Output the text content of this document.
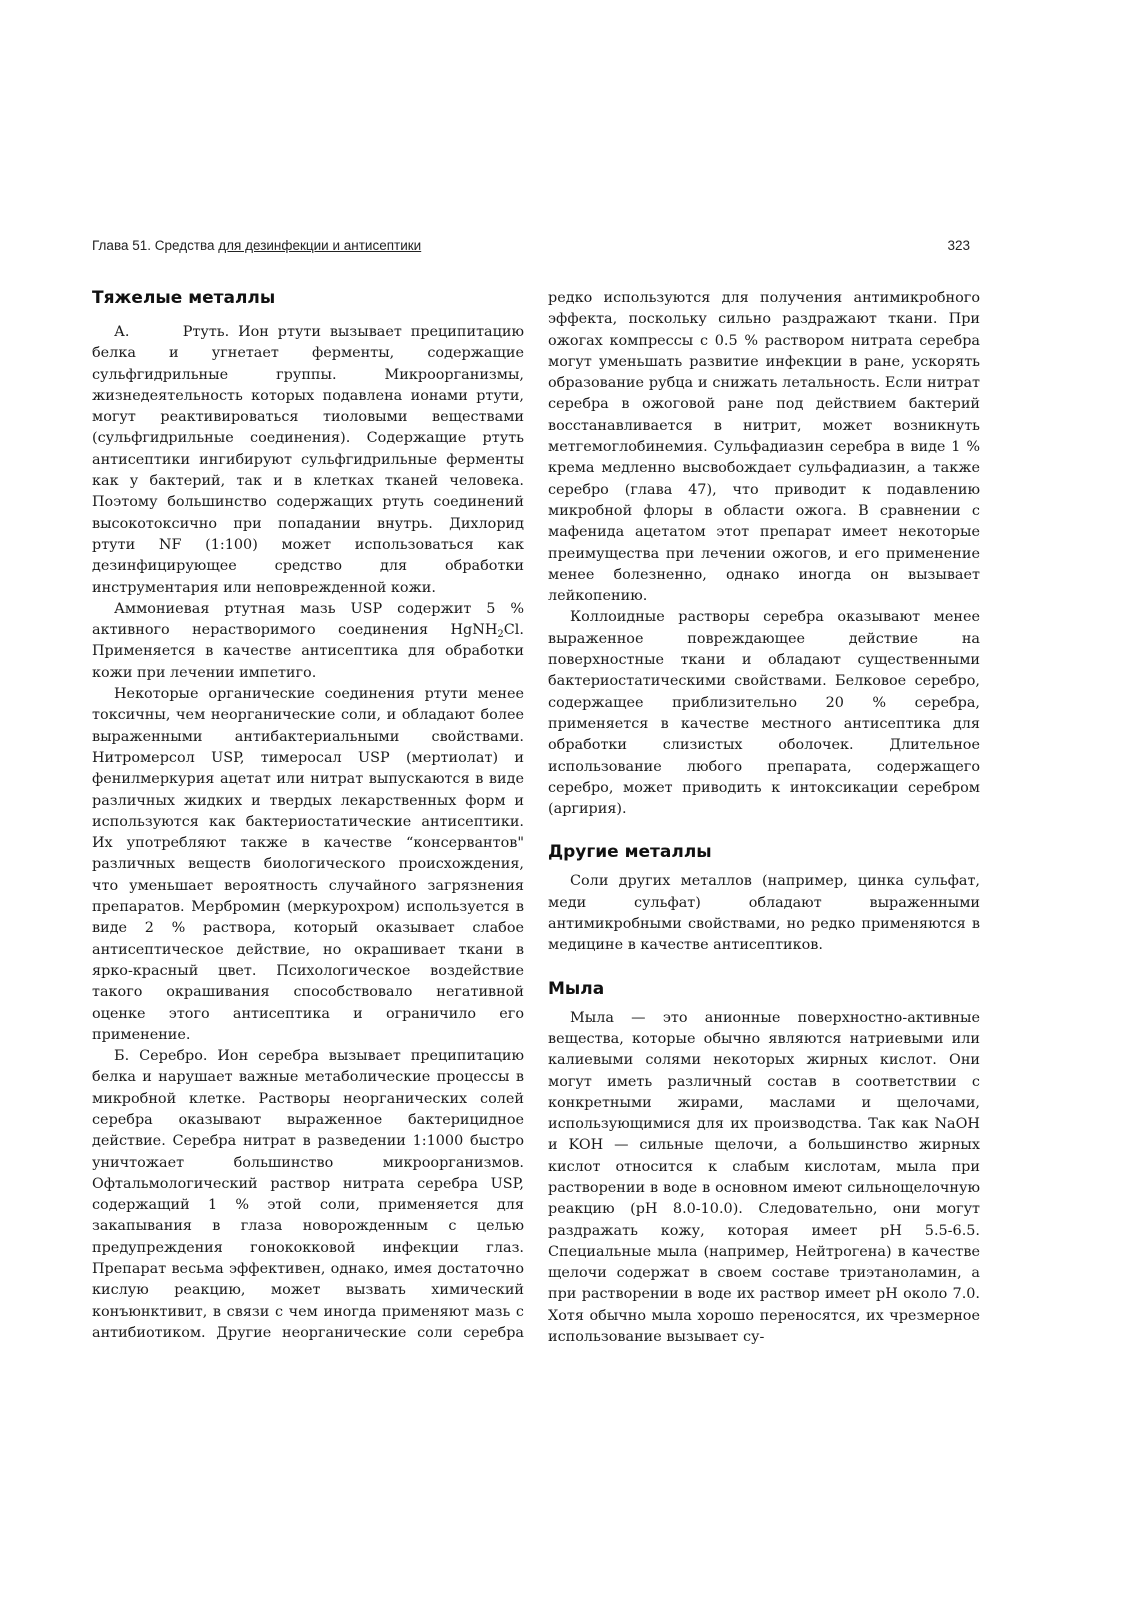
Глава 51. Средства для дезинфекции и антисептики	323
Тяжелые металлы

А.      Ртуть. Ион ртути вызывает преципитацию белка и угнетает ферменты, содержащие сульфгидрильные группы. Микроорганизмы, жизнедеятельность которых подавлена ионами ртути, могут реактивироваться тиоловыми веществами (сульфгидрильные соединения). Содержащие ртуть антисептики ингибируют сульфгидрильные ферменты как у бактерий, так и в клетках тканей человека. Поэтому большинство содержащих ртуть соединений высокотоксично при попадании внутрь. Дихлорид ртути NF (1:100) может использоваться как дезинфицирующее средство для обработки инструментария или неповрежденной кожи.

Аммониевая ртутная мазь USP содержит 5 % активного нерастворимого соединения HgNH$_2$Cl. Применяется в качестве антисептика для обработки кожи при лечении импетиго.

Некоторые органические соединения ртути менее токсичны, чем неорганические соли, и обладают более выраженными антибактериальными свойствами. Нитромерсол USP, тимеросал USP (мертиолат) и фенилмеркурия ацетат или нитрат выпускаются в виде различных жидких и твердых лекарственных форм и используются как бактериостатические антисептики. Их употребляют также в качестве “консервантов" различных веществ биологического происхождения, что уменьшает вероятность случайного загрязнения препаратов. Мербромин (меркурохром) используется в виде 2 % раствора, который оказывает слабое антисептическое действие, но окрашивает ткани в ярко-красный цвет. Психологическое воздействие такого окрашивания способствовало негативной оценке этого антисептика и ограничило его применение.

Б. Серебро. Ион серебра вызывает преципитацию белка и нарушает важные метаболические процессы в микробной клетке. Растворы неорганических солей серебра оказывают выраженное бактерицидное действие. Серебра нитрат в разведении 1:1000 быстро уничтожает большинство микроорганизмов. Офтальмологический раствор нитрата серебра USP, содержащий 1 % этой соли, применяется для закапывания в глаза новорожденным с целью предупреждения гонококковой инфекции глаз. Препарат весьма эффективен, однако, имея достаточно кислую реакцию, может вызвать химический конъюнктивит, в связи с чем иногда применяют мазь с антибиотиком. Другие неорганические соли серебра

редко используются для получения антимикробного эффекта, поскольку сильно раздражают ткани. При ожогах компрессы с 0.5 % раствором нитрата серебра могут уменьшать развитие инфекции в ране, ускорять образование рубца и снижать летальность. Если нитрат серебра в ожоговой ране под действием бактерий восстанавливается в нитрит, может возникнуть метгемоглобинемия. Сульфадиазин серебра в виде 1 % крема медленно высвобождает сульфадиазин, а также серебро (глава 47), что приводит к подавлению микробной флоры в области ожога. В сравнении с мафенида ацетатом этот препарат имеет некоторые преимущества при лечении ожогов, и его применение менее болезненно, однако иногда он вызывает лейкопению.

Коллоидные растворы серебра оказывают менее выраженное повреждающее действие на поверхностные ткани и обладают существенными бактериостатическими свойствами. Белковое серебро, содержащее приблизительно 20 % серебра, применяется в качестве местного антисептика для обработки слизистых оболочек. Длительное использование любого препарата, содержащего серебро, может приводить к интоксикации серебром (аргирия).

Другие металлы

Соли других металлов (например, цинка сульфат, меди сульфат) обладают выраженными антимикробными свойствами, но редко применяются в медицине в качестве антисептиков.

Мыла

Мыла — это анионные поверхностно-активные вещества, которые обычно являются натриевыми или калиевыми солями некоторых жирных кислот. Они могут иметь различный состав в соответствии с конкретными жирами, маслами и щелочами, использующимися для их производства. Так как NaOH и KOH — сильные щелочи, а большинство жирных кислот относится к слабым кислотам, мыла при растворении в воде в основном имеют сильнощелочную реакцию (pH 8.0-10.0). Следовательно, они могут раздражать кожу, которая имеет pH 5.5-6.5. Специальные мыла (например, Нейтрогена) в качестве щелочи содержат в своем составе триэтаноламин, а при растворении в воде их раствор имеет pH около 7.0. Хотя обычно мыла хорошо переносятся, их чрезмерное использование вызывает су-
